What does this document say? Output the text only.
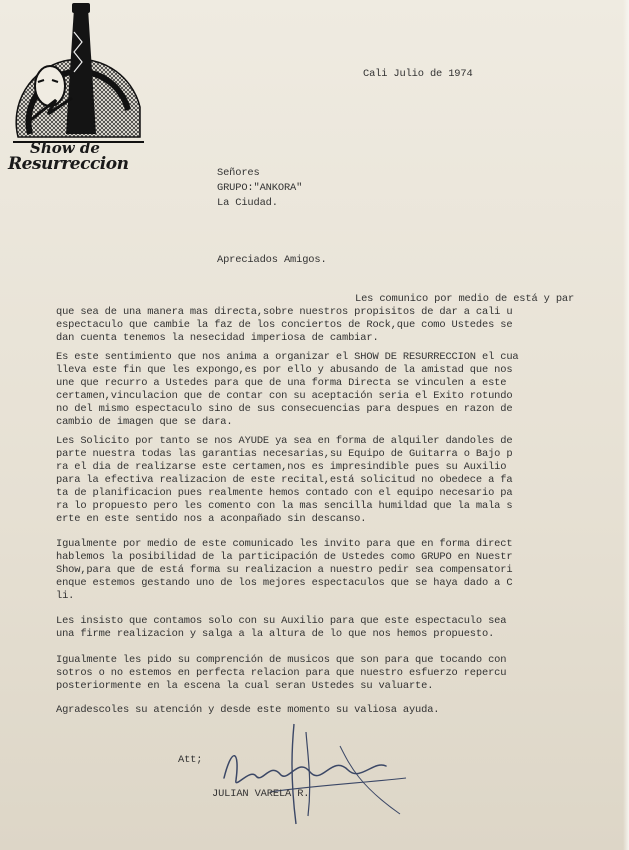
Show de
Resurreccion
Cali Julio de 1974
Señores
GRUPO:"ANKORA"
La Ciudad.
Apreciados Amigos.
Les comunico por medio de está y par
que sea de una manera mas directa,sobre nuestros propisitos de dar a cali u
espectaculo que cambie la faz de los conciertos de Rock,que como Ustedes se
dan cuenta tenemos la nesecidad imperiosa de cambiar.
Es este sentimiento que nos anima a organizar el SHOW DE RESURRECCION el cua
lleva este fin que les expongo,es por ello y abusando de la amistad que nos
une que recurro a Ustedes para que de una forma Directa se vinculen a este
certamen,vinculacion que de contar con su aceptación seria el Exito rotundo
no del mismo espectaculo sino de sus consecuencias para despues en razon de
cambio de imagen que se dara.
Les Solicito por tanto se nos AYUDE ya sea en forma de alquiler dandoles de
parte nuestra todas las garantias necesarias,su Equipo de Guitarra o Bajo p
ra el dia de realizarse este certamen,nos es impresindible pues su Auxilio
para la efectiva realizacion de este recital,está solicitud no obedece a fa
ta de planificacion pues realmente hemos contado con el equipo necesario pa
ra lo propuesto pero les comento con la mas sencilla humildad que la mala s
erte en este sentido nos a aconpañado sin descanso.
Igualmente por medio de este comunicado les invito para que en forma direct
hablemos la posibilidad de la participación de Ustedes como GRUPO en Nuestr
Show,para que de está forma su realizacion a nuestro pedir sea compensatori
enque estemos gestando uno de los mejores espectaculos que se haya dado a C
li.
Les insisto que contamos solo con su Auxilio para que este espectaculo sea
una firme realizacion y salga a la altura de lo que nos hemos propuesto.
Igualmente les pido su comprención de musicos que son para que tocando con
sotros o no estemos en perfecta relacion para que nuestro esfuerzo repercu
posteriormente en la escena la cual seran Ustedes su valuarte.
Agradescoles su atención y desde este momento su valiosa ayuda.
Att;
JULIAN VARELA R.
